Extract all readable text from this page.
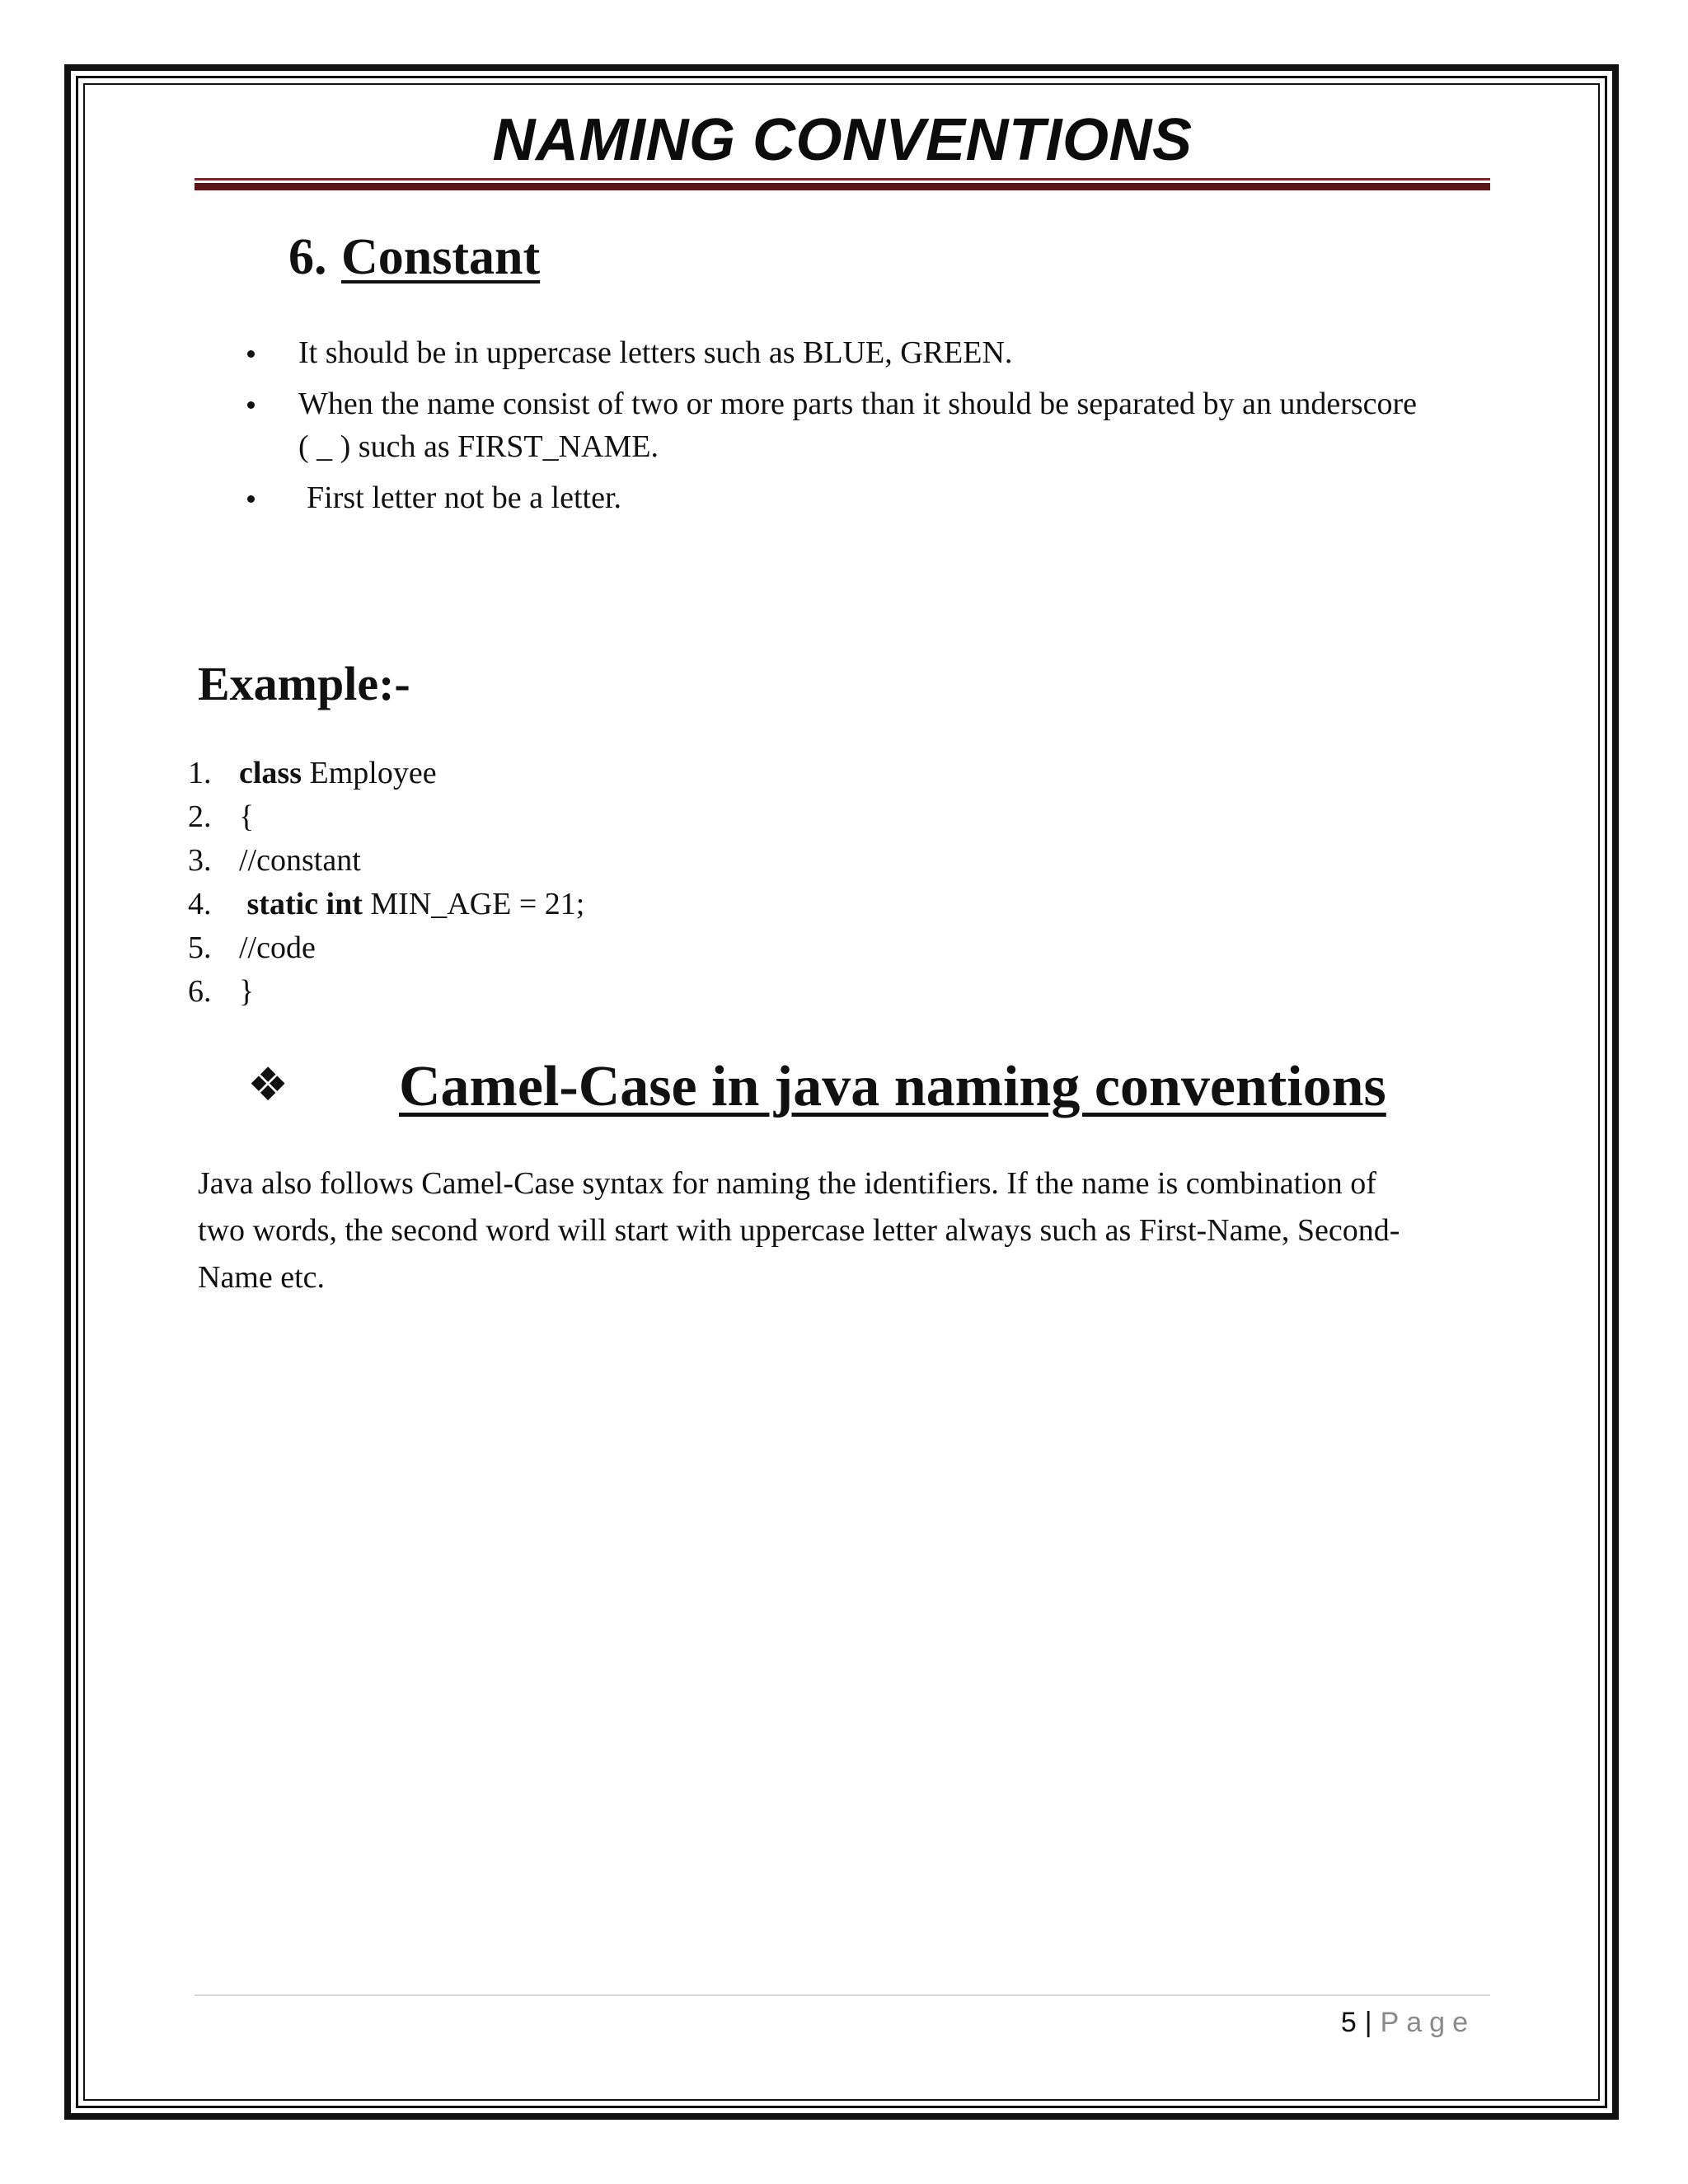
NAMING CONVENTIONS
6. Constant
It should be in uppercase letters such as BLUE, GREEN.
When the name consist of two or more parts than it should be separated by an underscore
( _ ) such as FIRST_NAME.
First letter not be a letter.
Example:-
1. class Employee
2. {
3. //constant
4. static int MIN_AGE = 21;
5. //code
6. }
❖ Camel-Case in java naming conventions

Java also follows Camel-Case syntax for naming the identifiers. If the name is combination of
two words, the second word will start with uppercase letter always such as First-Name, Second-
Name etc.

5 | Page
